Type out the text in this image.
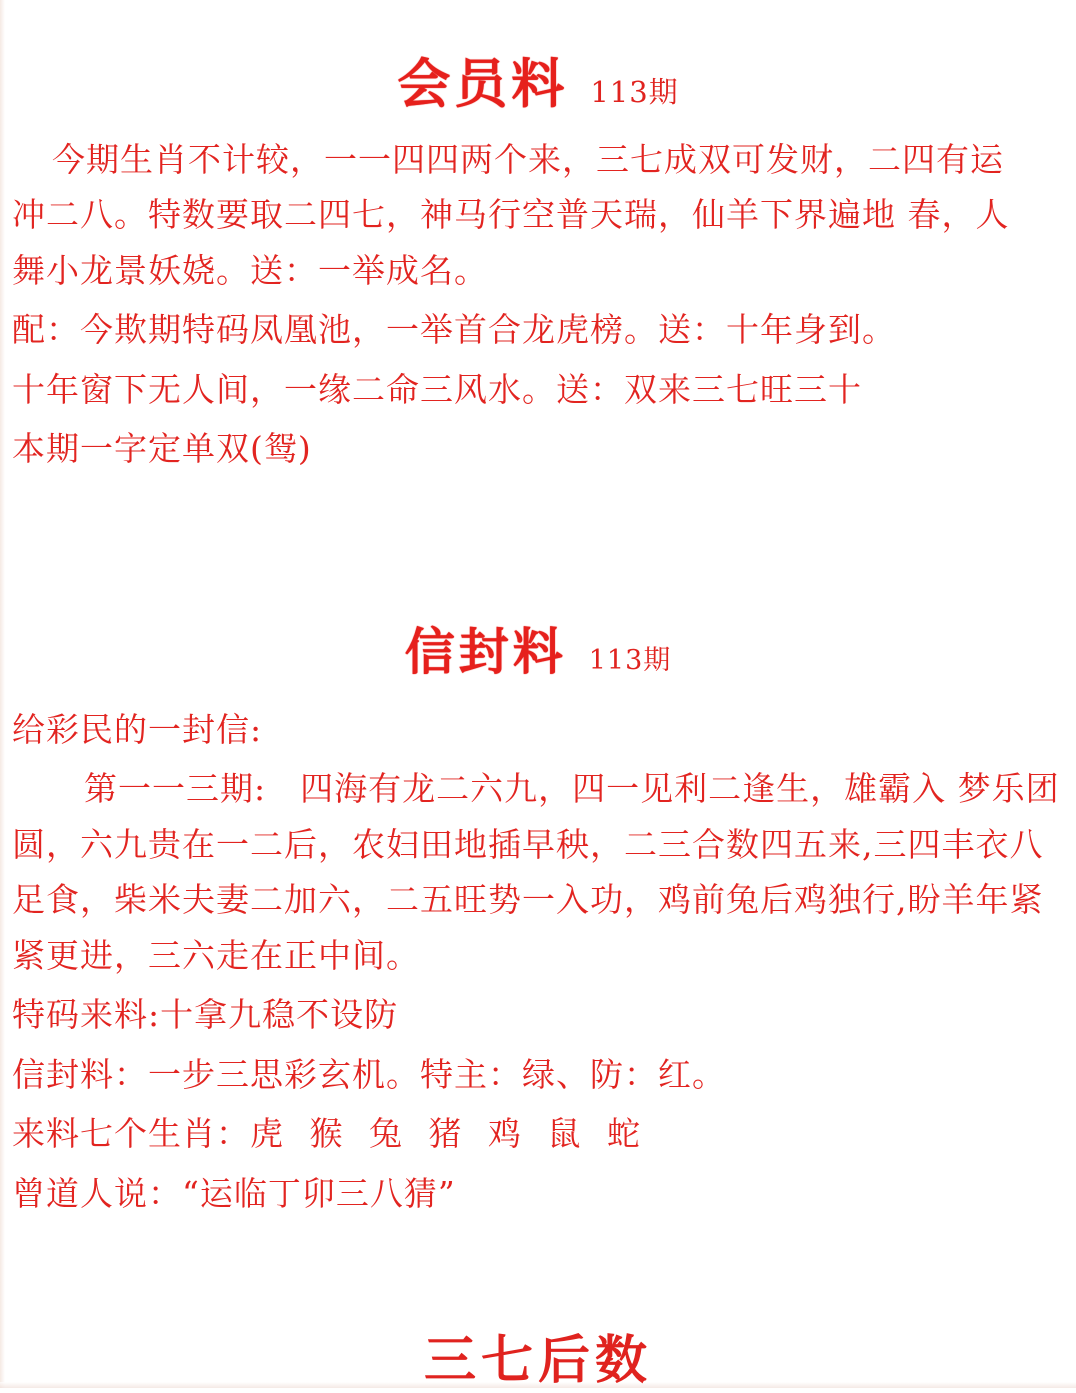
会员料 113期
今期生肖不计较，一一四四两个来，三七成双可发财，二四有运
冲二八。特数要取二四七，神马行空普天瑞，仙羊下界遍地 春，人
舞小龙景妖娆。送：一举成名。
配：今欺期特码凤凰池，一举首合龙虎榜。送：十年身到。
十年窗下无人间，一缘二命三风水。送：双来三七旺三十
本期一字定单双(鸳)
信封料 113期
给彩民的一封信:
第一一三期:　四海有龙二六九，四一见利二逢生，雄霸入 梦乐团
圆，六九贵在一二后，农妇田地插早秧，二三合数四五来,三四丰衣八
足食，柴米夫妻二加六，二五旺势一入功，鸡前兔后鸡独行,盼羊年紧
紧更进，三六走在正中间。
特码来料:十拿九稳不设防
信封料：一步三思彩玄机。特主：绿、防：红。
来料七个生肖：虎 猴 兔 猪 鸡 鼠 蛇
曾道人说：“运临丁卯三八猜”
三七后数
